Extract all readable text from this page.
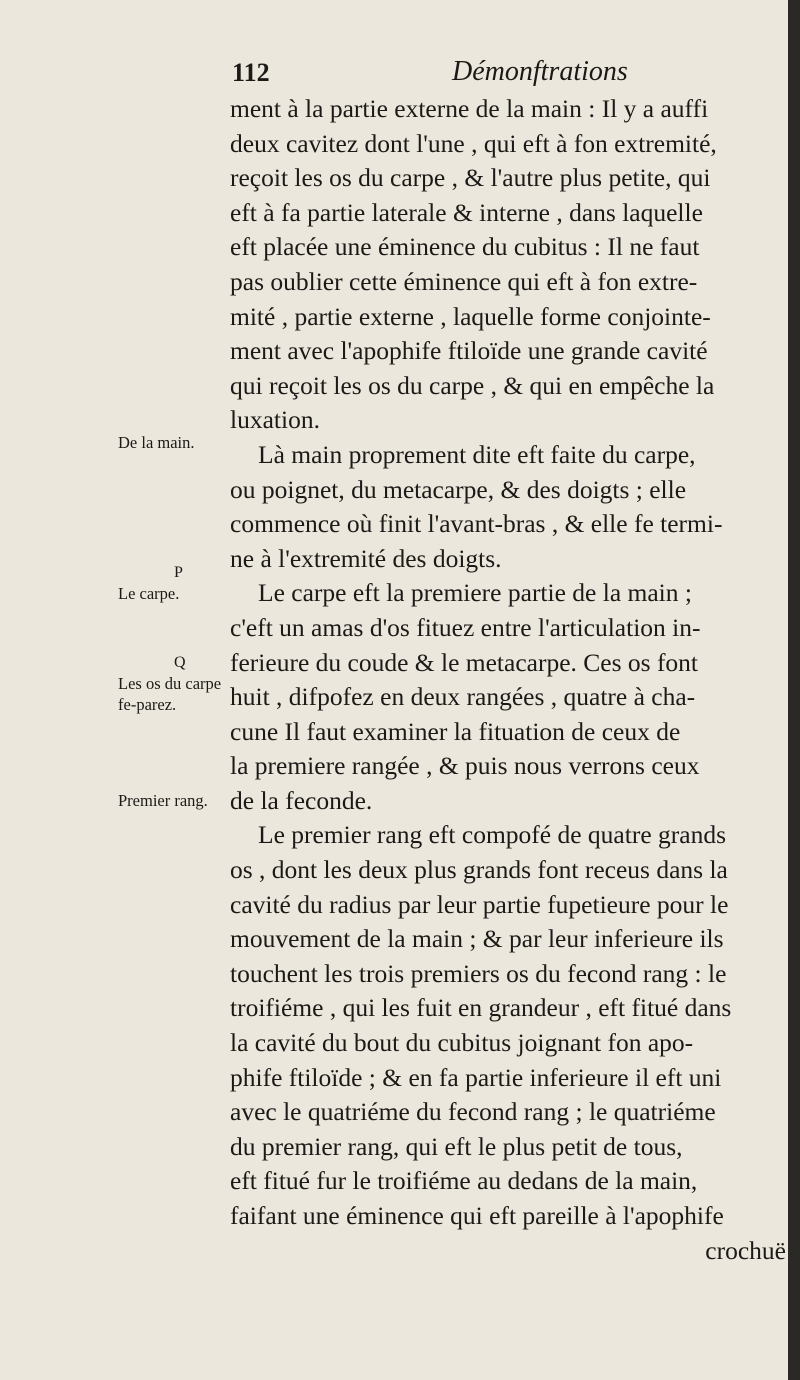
112	Démonftrations
De la main.
P
Le carpe.
Q
Les os du carpe fe-parez.
Premier rang.
ment à la partie externe de la main : Il y a auffi
deux cavitez dont l'une , qui eft à fon extremité,
reçoit les os du carpe , & l'autre plus petite, qui
eft à fa partie laterale & interne , dans laquelle
eft placée une éminence du cubitus : Il ne faut
pas oublier cette éminence qui eft à fon extre-
mité , partie externe , laquelle forme conjointe-
ment avec l'apophife ftiloïde une grande cavité
qui reçoit les os du carpe , & qui en empêche la
luxation.
Là main proprement dite eft faite du carpe,
ou poignet, du metacarpe, & des doigts ; elle
commence où finit l'avant-bras , & elle fe termi-
ne à l'extremité des doigts.
Le carpe eft la premiere partie de la main ;
c'eft un amas d'os fituez entre l'articulation in-
ferieure du coude & le metacarpe. Ces os font
huit , difpofez en deux rangées , quatre à cha-
cune Il faut examiner la fituation de ceux de
la premiere rangée , & puis nous verrons ceux
de la feconde.
Le premier rang eft compofé de quatre grands
os , dont les deux plus grands font receus dans la
cavité du radius par leur partie fupetieure pour le
mouvement de la main ; & par leur inferieure ils
touchent les trois premiers os du fecond rang : le
troifiéme , qui les fuit en grandeur , eft fitué dans
la cavité du bout du cubitus joignant fon apo-
phife ftiloïde ; & en fa partie inferieure il eft uni
avec le quatriéme du fecond rang ; le quatriéme
du premier rang, qui eft le plus petit de tous,
eft fitué fur le troifiéme au dedans de la main,
faifant une éminence qui eft pareille à l'apophife
crochuë
